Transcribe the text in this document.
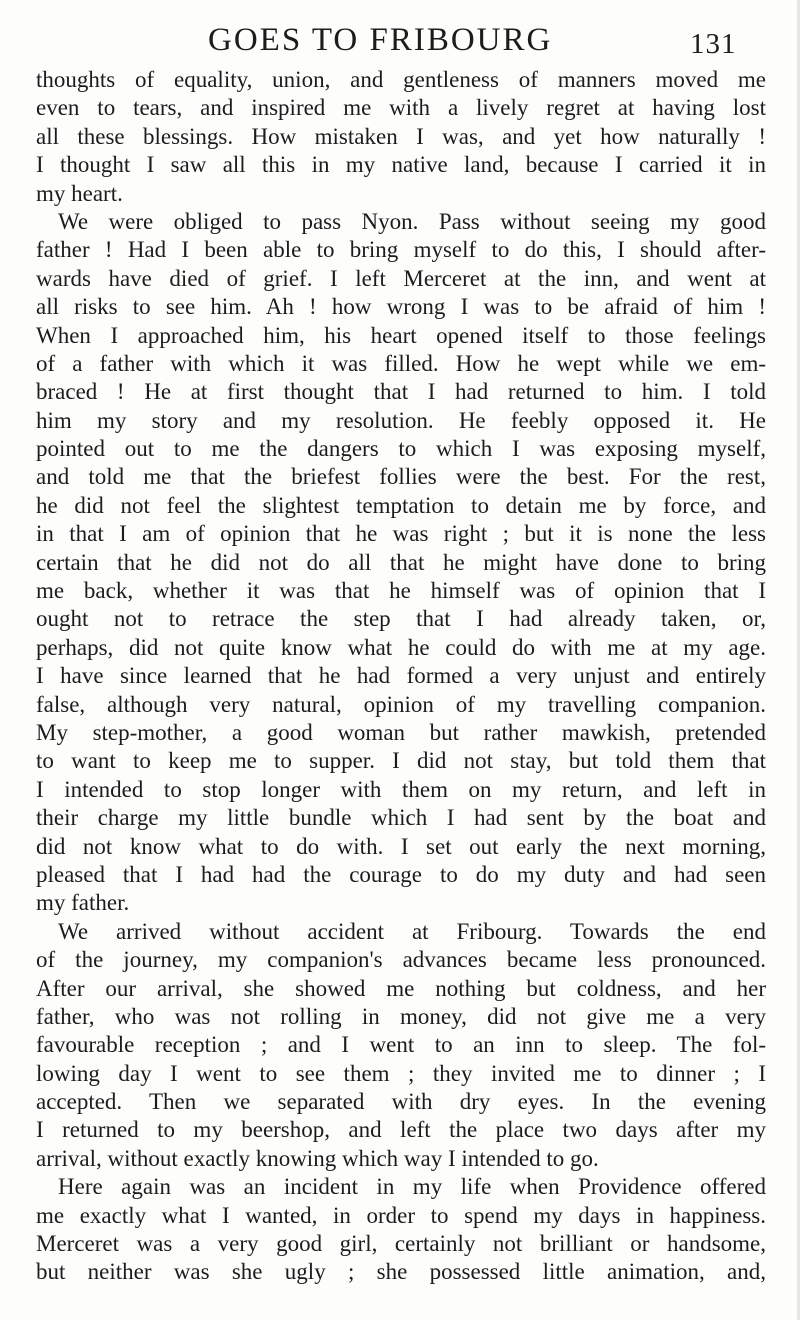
GOES TO FRIBOURG	131
thoughts of equality, union, and gentleness of manners moved me
even to tears, and inspired me with a lively regret at having lost
all these blessings. How mistaken I was, and yet how naturally !
I thought I saw all this in my native land, because I carried it in
my heart.
We were obliged to pass Nyon. Pass without seeing my good
father ! Had I been able to bring myself to do this, I should after-
wards have died of grief. I left Merceret at the inn, and went at
all risks to see him. Ah ! how wrong I was to be afraid of him !
When I approached him, his heart opened itself to those feelings
of a father with which it was filled. How he wept while we em-
braced ! He at first thought that I had returned to him. I told
him my story and my resolution. He feebly opposed it. He
pointed out to me the dangers to which I was exposing myself,
and told me that the briefest follies were the best. For the rest,
he did not feel the slightest temptation to detain me by force, and
in that I am of opinion that he was right ; but it is none the less
certain that he did not do all that he might have done to bring
me back, whether it was that he himself was of opinion that I
ought not to retrace the step that I had already taken, or,
perhaps, did not quite know what he could do with me at my age.
I have since learned that he had formed a very unjust and entirely
false, although very natural, opinion of my travelling companion.
My step-mother, a good woman but rather mawkish, pretended
to want to keep me to supper. I did not stay, but told them that
I intended to stop longer with them on my return, and left in
their charge my little bundle which I had sent by the boat and
did not know what to do with. I set out early the next morning,
pleased that I had had the courage to do my duty and had seen
my father.
We arrived without accident at Fribourg. Towards the end
of the journey, my companion's advances became less pronounced.
After our arrival, she showed me nothing but coldness, and her
father, who was not rolling in money, did not give me a very
favourable reception ; and I went to an inn to sleep. The fol-
lowing day I went to see them ; they invited me to dinner ; I
accepted. Then we separated with dry eyes. In the evening
I returned to my beershop, and left the place two days after my
arrival, without exactly knowing which way I intended to go.
Here again was an incident in my life when Providence offered
me exactly what I wanted, in order to spend my days in happiness.
Merceret was a very good girl, certainly not brilliant or handsome,
but neither was she ugly ; she possessed little animation, and,
